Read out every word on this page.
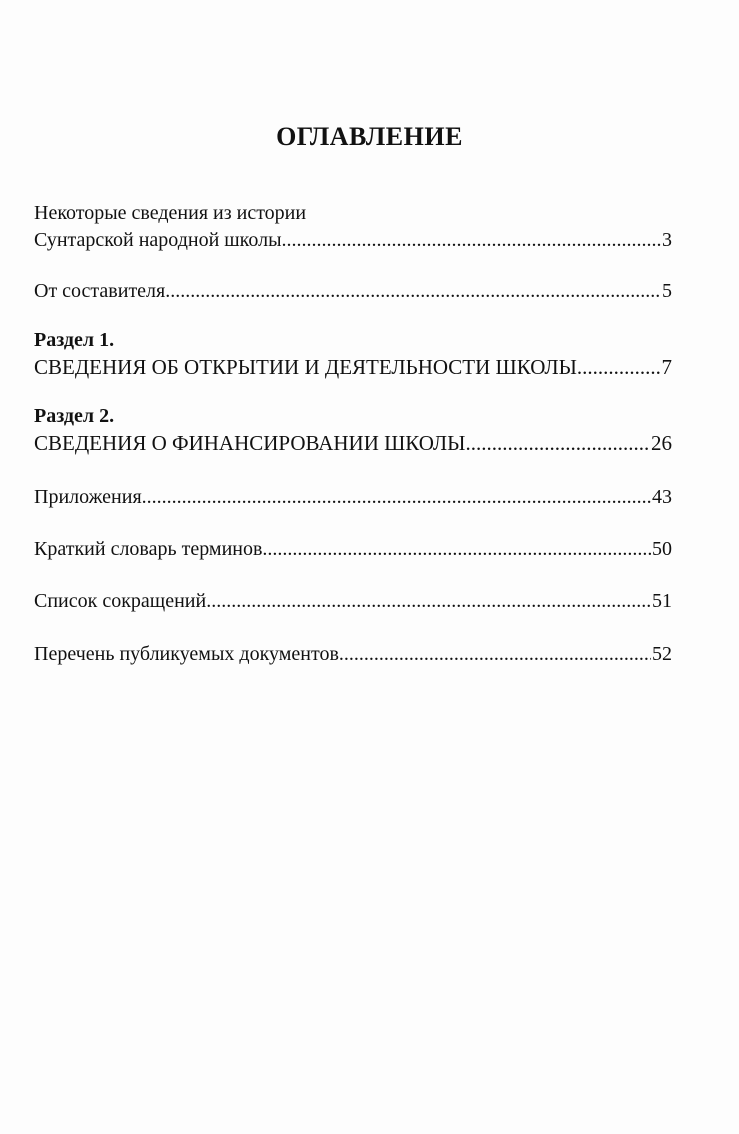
ОГЛАВЛЕНИЕ
Некоторые сведения из истории
Сунтарской народной школы .....	3
От составителя .....	5
Раздел 1.
СВЕДЕНИЯ ОБ ОТКРЫТИИ И ДЕЯТЕЛЬНОСТИ ШКОЛЫ .....	7
Раздел 2.
СВЕДЕНИЯ О ФИНАНСИРОВАНИИ ШКОЛЫ .....	26
Приложения .....	43
Краткий словарь терминов .....	50
Список сокращений .....	51
Перечень публикуемых документов .....	52
